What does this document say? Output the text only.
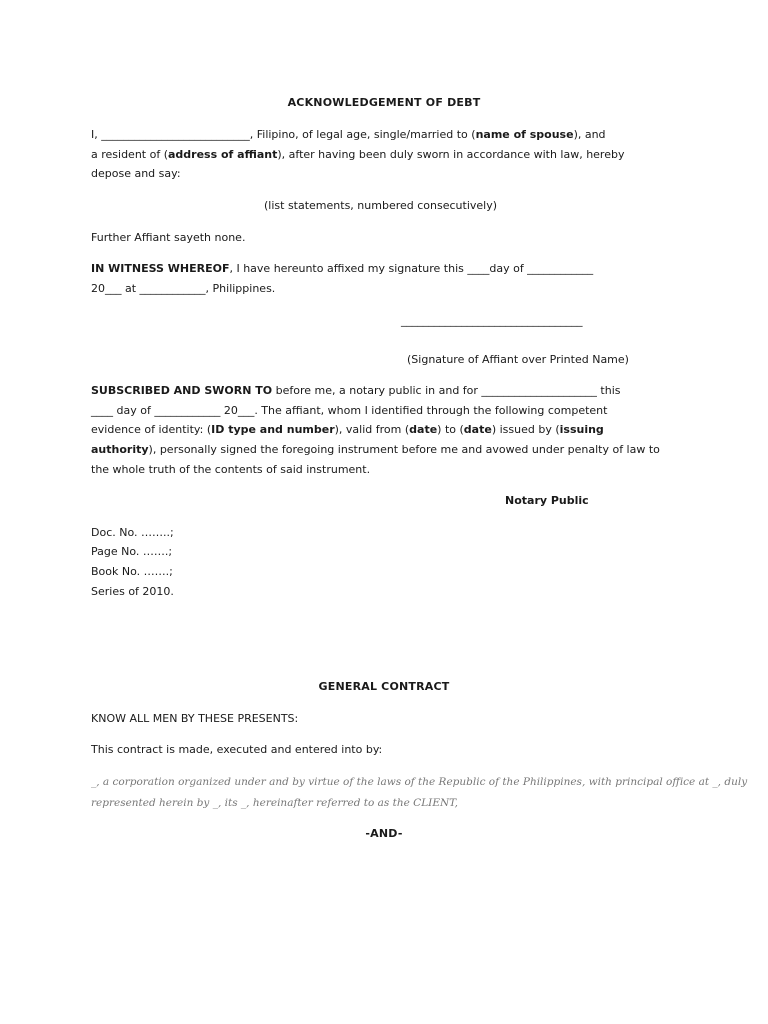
ACKNOWLEDGEMENT OF DEBT
I, ___________________________, Filipino, of legal age, single/married to (name of spouse), and
a resident of (address of affiant), after having been duly sworn in accordance with law, hereby
depose and say:
(list statements, numbered consecutively)
Further Affiant sayeth none.
IN WITNESS WHEREOF, I have hereunto affixed my signature this ____day of ____________
20___ at ____________, Philippines.
_________________________________
(Signature of Affiant over Printed Name)
SUBSCRIBED AND SWORN TO before me, a notary public in and for _____________________ this
____ day of ____________ 20___. The affiant, whom I identified through the following competent
evidence of identity: (ID type and number), valid from (date) to (date) issued by (issuing
authority), personally signed the foregoing instrument before me and avowed under penalty of law to
the whole truth of the contents of said instrument.
Notary Public
Doc. No. ……..;
Page No. …….;
Book No. …….;
Series of 2010.
GENERAL CONTRACT
KNOW ALL MEN BY THESE PRESENTS:
This contract is made, executed and entered into by:
_, a corporation organized under and by virtue of the laws of the Republic of the Philippines, with principal office at _, duly
represented herein by _, its _, hereinafter referred to as the CLIENT,
-AND-
